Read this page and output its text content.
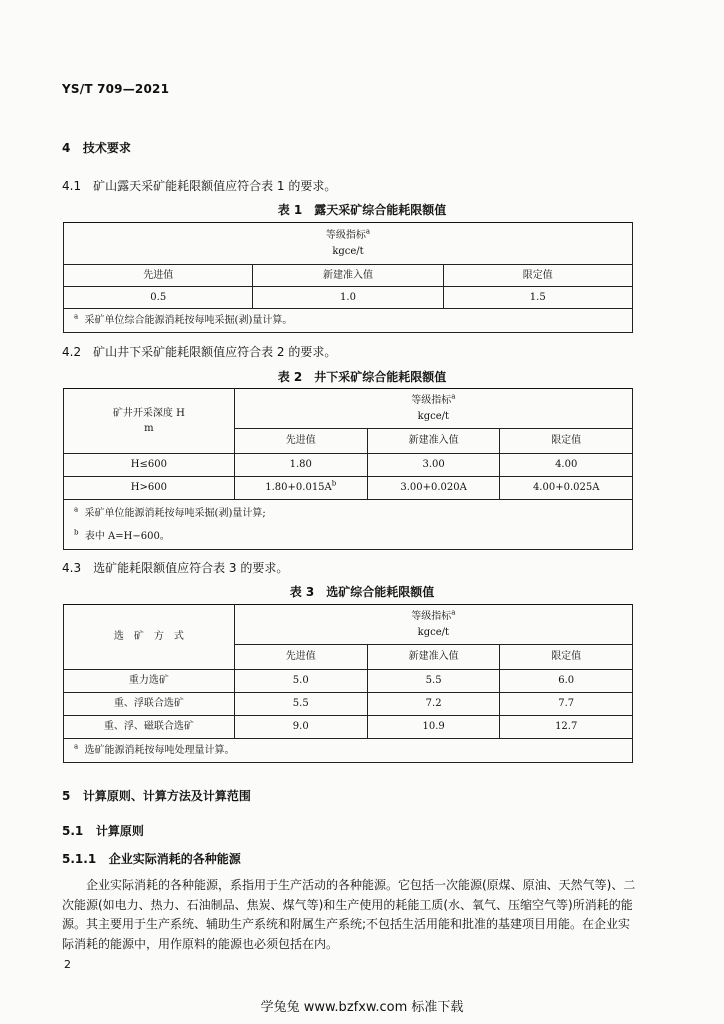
YS/T 709—2021
4 技术要求
4.1　矿山露天采矿能耗限额值应符合表 1 的要求。
表 1　露天采矿综合能耗限额值
等级指标$^a$
kgce/t		
先进值	新建准入值	限定值
0.5	1.0	1.5
$^a$ 采矿单位综合能源消耗按每吨采掘(剥)量计算。		
4.2　矿山井下采矿能耗限额值应符合表 2 的要求。
表 2　井下采矿综合能耗限额值
矿井开采深度 H
m	等级指标$^a$
kgce/t		
	先进值	新建准入值	限定值
H≤600	1.80	3.00	4.00
H>600	$1.80+0.015A^b$	3.00+0.020A	4.00+0.025A
$^a$ 采矿单位能源消耗按每吨采掘(剥)量计算;
$^b$ 表中 A=H−600。			
4.3　选矿能耗限额值应符合表 3 的要求。
表 3　选矿综合能耗限额值
选　矿　方　式	等级指标$^a$
kgce/t		
	先进值	新建准入值	限定值
重力选矿	5.0	5.5	6.0
重、浮联合选矿	5.5	7.2	7.7
重、浮、磁联合选矿	9.0	10.9	12.7
$^a$ 选矿能源消耗按每吨处理量计算。			
5 计算原则、计算方法及计算范围
5.1 计算原则
5.1.1 企业实际消耗的各种能源
企业实际消耗的各种能源，系指用于生产活动的各种能源。它包括一次能源(原煤、原油、天然气等)、二次能源(如电力、热力、石油制品、焦炭、煤气等)和生产使用的耗能工质(水、氧气、压缩空气等)所消耗的能源。其主要用于生产系统、辅助生产系统和附属生产系统;不包括生活用能和批准的基建项目用能。在企业实际消耗的能源中，用作原料的能源也必须包括在内。
2
学兔兔 www.bzfxw.com 标准下载
